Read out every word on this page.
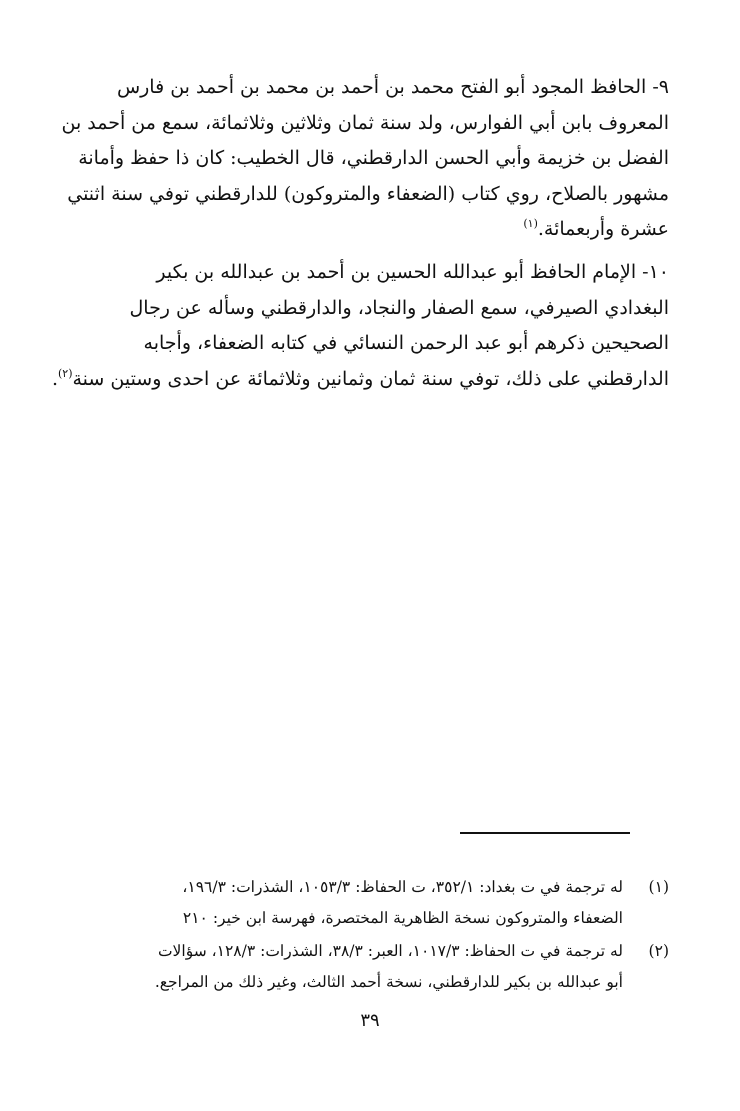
٩- الحافظ المجود أبو الفتح محمد بن أحمد بن محمد بن أحمد بن فارس
المعروف بابن أبي الفوارس، ولد سنة ثمان وثلاثين وثلاثمائة، سمع من أحمد بن
الفضل بن خزيمة وأبي الحسن الدارقطني، قال الخطيب: كان ذا حفظ وأمانة
مشهور بالصلاح، روي كتاب (الضعفاء والمتروكون) للدارقطني توفي سنة اثنتي
عشرة وأربعمائة.$^{(١)}$
١٠- الإمام الحافظ أبو عبدالله الحسين بن أحمد بن عبدالله بن بكير
البغدادي الصيرفي، سمع الصفار والنجاد، والدارقطني وسأله عن رجال
الصحيحين ذكرهم أبو عبد الرحمن النسائي في كتابه الضعفاء، وأجابه
الدارقطني على ذلك، توفي سنة ثمان وثمانين وثلاثمائة عن احدى وستين سنة$^{(٢)}$.
(١)
له ترجمة في ت بغداد: ٣٥٢/١، ت الحفاظ: ١٠٥٣/٣، الشذرات: ١٩٦/٣،
الضعفاء والمتروكون نسخة الظاهرية المختصرة، فهرسة ابن خير: ٢١٠
(٢)
له ترجمة في ت الحفاظ: ١٠١٧/٣، العبر: ٣٨/٣، الشذرات: ١٢٨/٣، سؤالات
أبو عبدالله بن بكير للدارقطني، نسخة أحمد الثالث، وغير ذلك من المراجع.
٣٩
